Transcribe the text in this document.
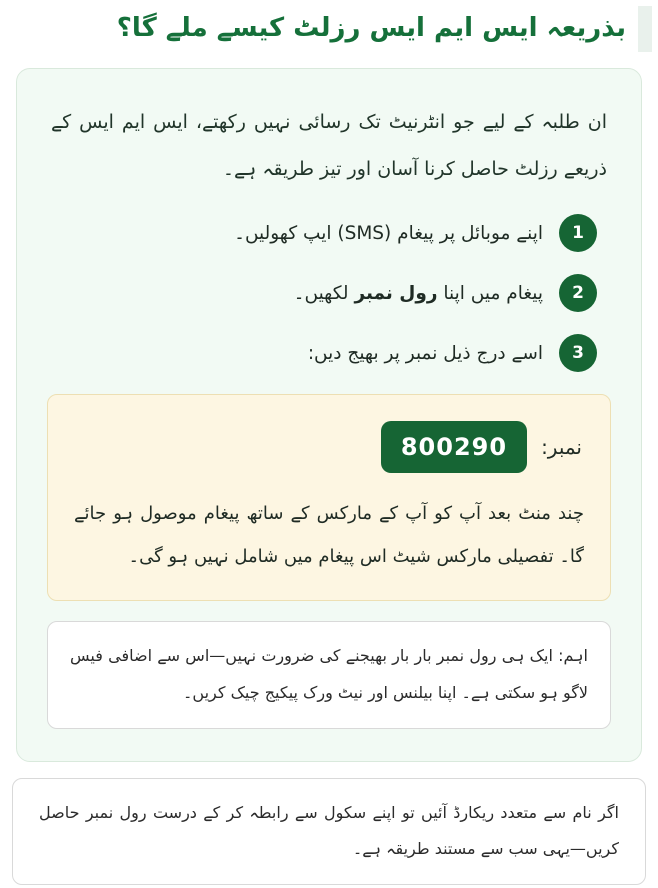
بذریعہ ایس ایم ایس رزلٹ کیسے ملے گا؟

ان طلبہ کے لیے جو انٹرنیٹ تک رسائی نہیں رکھتے، ایس ایم ایس کے ذریعے رزلٹ حاصل کرنا آسان اور تیز طریقہ ہے۔

1
اپنے موبائل پر پیغام (SMS) ایپ کھولیں۔
2
پیغام میں اپنا رول نمبر لکھیں۔
3
اسے درج ذیل نمبر پر بھیج دیں:
نمبر:
800290

چند منٹ بعد آپ کو آپ کے مارکس کے ساتھ پیغام موصول ہو جائے گا۔ تفصیلی مارکس شیٹ اس پیغام میں شامل نہیں ہو گی۔

اہم: ایک ہی رول نمبر بار بار بھیجنے کی ضرورت نہیں—اس سے اضافی فیس لاگو ہو سکتی ہے۔ اپنا بیلنس اور نیٹ ورک پیکیج چیک کریں۔

اگر نام سے متعدد ریکارڈ آئیں تو اپنے سکول سے رابطہ کر کے درست رول نمبر حاصل کریں—یہی سب سے مستند طریقہ ہے۔
